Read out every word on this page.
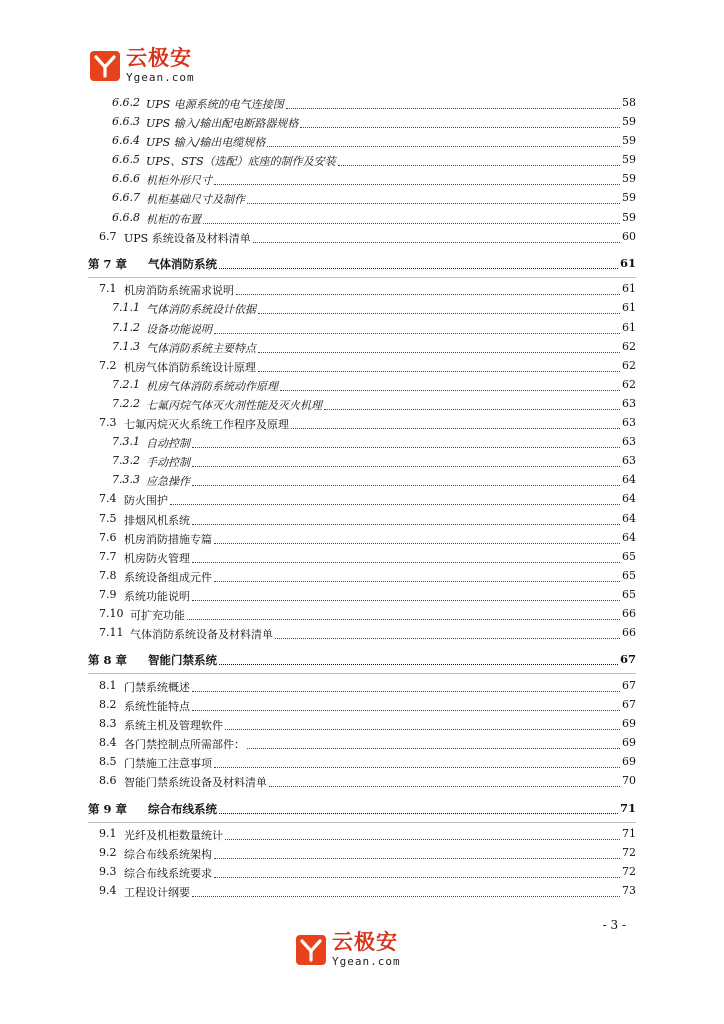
云极安
Ygean.com
6.6.2 UPS 电源系统的电气连接图	58
6.6.3 UPS 输入/输出配电断路器规格	59
6.6.4 UPS 输入/输出电缆规格	59
6.6.5 UPS、STS（选配）底座的制作及安装	59
6.6.6 机柜外形尺寸	59
6.6.7 机柜基础尺寸及制作	59
6.6.8 机柜的布置	59
6.7 UPS 系统设备及材料清单	60
第 7 章 气体消防系统	61
7.1 机房消防系统需求说明	61
7.1.1 气体消防系统设计依据	61
7.1.2 设备功能说明	61
7.1.3 气体消防系统主要特点	62
7.2 机房气体消防系统设计原理	62
7.2.1 机房气体消防系统动作原理	62
7.2.2 七氟丙烷气体灭火剂性能及灭火机理	63
7.3 七氟丙烷灭火系统工作程序及原理	63
7.3.1 自动控制	63
7.3.2 手动控制	63
7.3.3 应急操作	64
7.4 防火围护	64
7.5 排烟风机系统	64
7.6 机房消防措施专篇	64
7.7 机房防火管理	65
7.8 系统设备组成元件	65
7.9 系统功能说明	65
7.10 可扩充功能	66
7.11 气体消防系统设备及材料清单	66
第 8 章 智能门禁系统	67
8.1 门禁系统概述	67
8.2 系统性能特点	67
8.3 系统主机及管理软件	69
8.4 各门禁控制点所需部件：	69
8.5 门禁施工注意事项	69
8.6 智能门禁系统设备及材料清单	70
第 9 章 综合布线系统	71
9.1 光纤及机柜数量统计	71
9.2 综合布线系统架构	72
9.3 综合布线系统要求	72
9.4 工程设计纲要	73
- 3 -
云极安
Ygean.com
